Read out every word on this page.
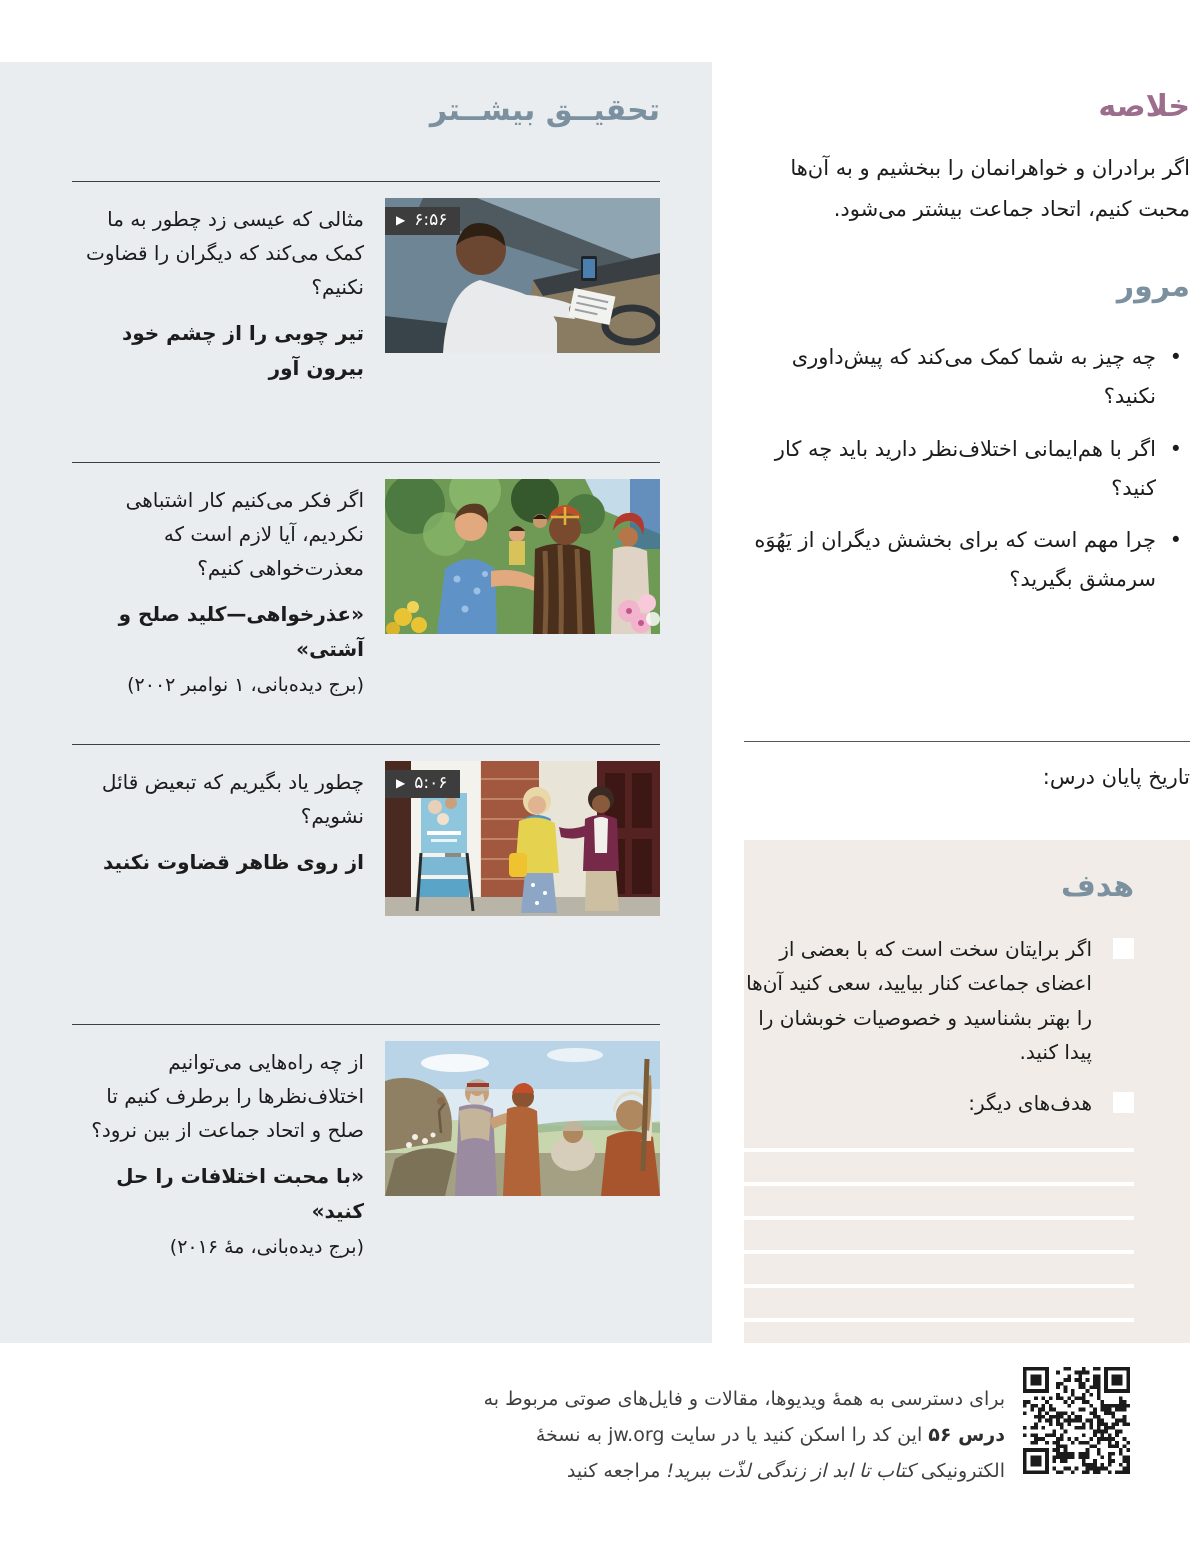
تحقیــق بیشــتر
▶ ۶:۵۶

مثالی که عیسی زد چطور به ما کمک می‌کند که دیگران را قضاوت نکنیم؟

تیر چوبی را از چشم خود بیرون آور

اگر فکر می‌کنیم کار اشتباهی نکردیم، آیا لازم است که معذرت‌خواهی کنیم؟

«عذرخواهی—کلید صلح و آشتی»

(برج دیده‌بانی، ۱ نوامبر ۲۰۰۲)

▶ ۵:۰۶

چطور یاد بگیریم که تبعیض قائل نشویم؟

از روی ظاهر قضاوت نکنید

از چه راه‌هایی می‌توانیم اختلاف‌نظرها را برطرف کنیم تا صلح و اتحاد جماعت از بین نرود؟

«با محبت اختلافات را حل کنید»

(برج دیده‌بانی، مهٔ ۲۰۱۶)

خلاصه

اگر برادران و خواهرانمان را ببخشیم و به آن‌ها محبت کنیم، اتحاد جماعت بیشتر می‌شود.

مرور
• چه چیز به شما کمک می‌کند که پیش‌داوری نکنید؟
• اگر با هم‌ایمانی اختلاف‌نظر دارید باید چه کار کنید؟
• چرا مهم است که برای بخشش دیگران از یَهُوَه سرمشق بگیرید؟

تاریخ پایان درس:

هدف

اگر برایتان سخت است که با بعضی از اعضای جماعت کنار بیایید، سعی کنید آن‌ها را بهتر بشناسید و خصوصیات خوبشان را پیدا کنید.

هدف‌های دیگر:

برای دسترسی به همهٔ ویدیوها، مقالات و فایل‌های صوتی مربوط به درس ۵۶ این کد را اسکن کنید یا در سایت jw.org به نسخهٔ الکترونیکی کتاب تا ابد از زندگی لذّت ببرید! مراجعه کنید
